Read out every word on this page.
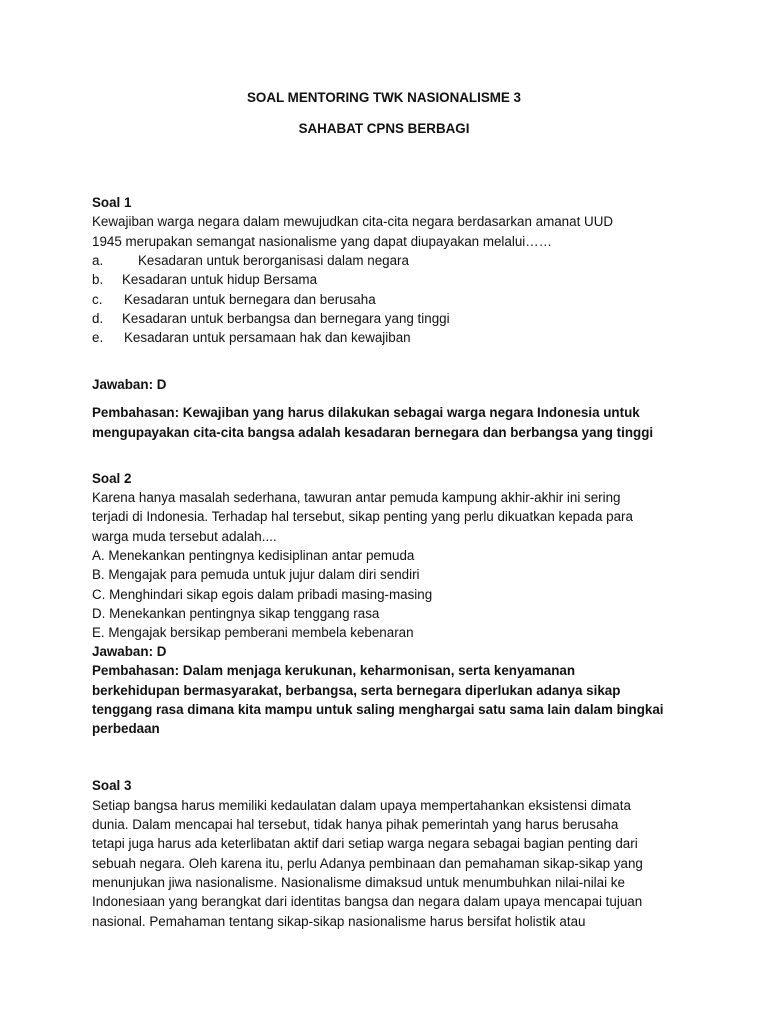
SOAL MENTORING TWK NASIONALISME 3
SAHABAT CPNS BERBAGI
Soal 1
Kewajiban warga negara dalam mewujudkan cita-cita negara berdasarkan amanat UUD
1945 merupakan semangat nasionalisme yang dapat diupayakan melalui……
a.	Kesadaran untuk berorganisasi dalam negara
b. Kesadaran untuk hidup Bersama
c. Kesadaran untuk bernegara dan berusaha
d. Kesadaran untuk berbangsa dan bernegara yang tinggi
e. Kesadaran untuk persamaan hak dan kewajiban
Jawaban: D
Pembahasan: Kewajiban yang harus dilakukan sebagai warga negara Indonesia untuk
mengupayakan cita-cita bangsa adalah kesadaran bernegara dan berbangsa yang tinggi
Soal 2
Karena hanya masalah sederhana, tawuran antar pemuda kampung akhir-akhir ini sering
terjadi di Indonesia. Terhadap hal tersebut, sikap penting yang perlu dikuatkan kepada para
warga muda tersebut adalah....
A. Menekankan pentingnya kedisiplinan antar pemuda
B. Mengajak para pemuda untuk jujur dalam diri sendiri
C. Menghindari sikap egois dalam pribadi masing-masing
D. Menekankan pentingnya sikap tenggang rasa
E. Mengajak bersikap pemberani membela kebenaran
Jawaban: D
Pembahasan: Dalam menjaga kerukunan, keharmonisan, serta kenyamanan
berkehidupan bermasyarakat, berbangsa, serta bernegara diperlukan adanya sikap
tenggang rasa dimana kita mampu untuk saling menghargai satu sama lain dalam bingkai
perbedaan
Soal 3
Setiap bangsa harus memiliki kedaulatan dalam upaya mempertahankan eksistensi dimata
dunia. Dalam mencapai hal tersebut, tidak hanya pihak pemerintah yang harus berusaha
tetapi juga harus ada keterlibatan aktif dari setiap warga negara sebagai bagian penting dari
sebuah negara. Oleh karena itu, perlu Adanya pembinaan dan pemahaman sikap-sikap yang
menunjukan jiwa nasionalisme. Nasionalisme dimaksud untuk menumbuhkan nilai-nilai ke
Indonesiaan yang berangkat dari identitas bangsa dan negara dalam upaya mencapai tujuan
nasional. Pemahaman tentang sikap-sikap nasionalisme harus bersifat holistik atau
